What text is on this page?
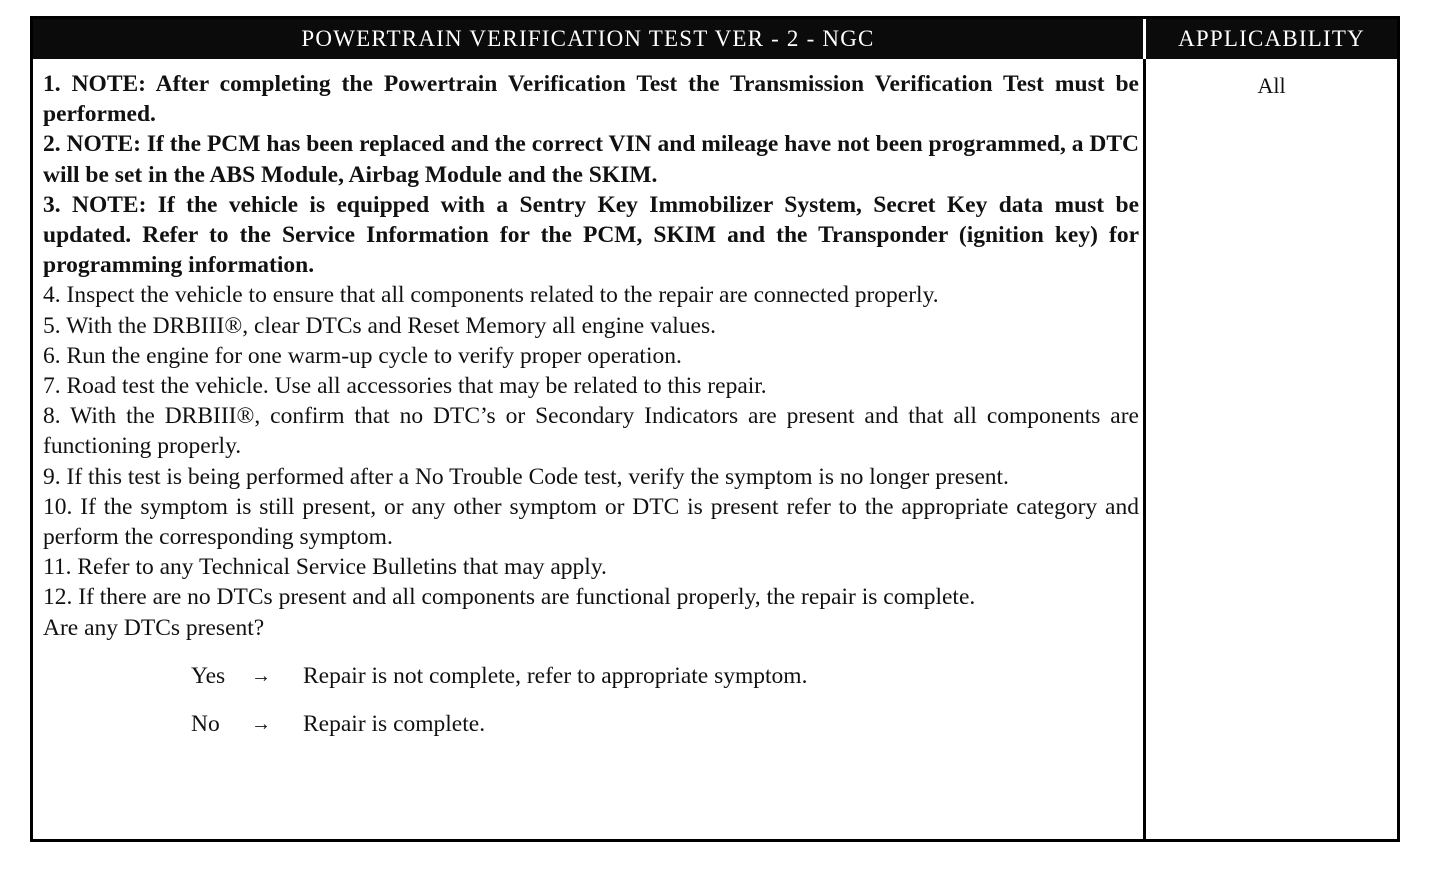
POWERTRAIN VERIFICATION TEST VER - 2 - NGC	APPLICABILITY

1. NOTE: After completing the Powertrain Verification Test the Transmission Verification Test must be performed.

2. NOTE: If the PCM has been replaced and the correct VIN and mileage have not been programmed, a DTC will be set in the ABS Module, Airbag Module and the SKIM.

3. NOTE: If the vehicle is equipped with a Sentry Key Immobilizer System, Secret Key data must be updated. Refer to the Service Information for the PCM, SKIM and the Transponder (ignition key) for programming information.

4. Inspect the vehicle to ensure that all components related to the repair are connected properly.

5. With the DRBIII®, clear DTCs and Reset Memory all engine values.

6. Run the engine for one warm-up cycle to verify proper operation.

7. Road test the vehicle. Use all accessories that may be related to this repair.

8. With the DRBIII®, confirm that no DTC’s or Secondary Indicators are present and that all components are functioning properly.

9. If this test is being performed after a No Trouble Code test, verify the symptom is no longer present.

10. If the symptom is still present, or any other symptom or DTC is present refer to the appropriate category and perform the corresponding symptom.

11. Refer to any Technical Service Bulletins that may apply.

12. If there are no DTCs present and all components are functional properly, the repair is complete.

Are any DTCs present?

Yes	→	Repair is not complete, refer to appropriate symptom.
No	→	Repair is complete.
All
